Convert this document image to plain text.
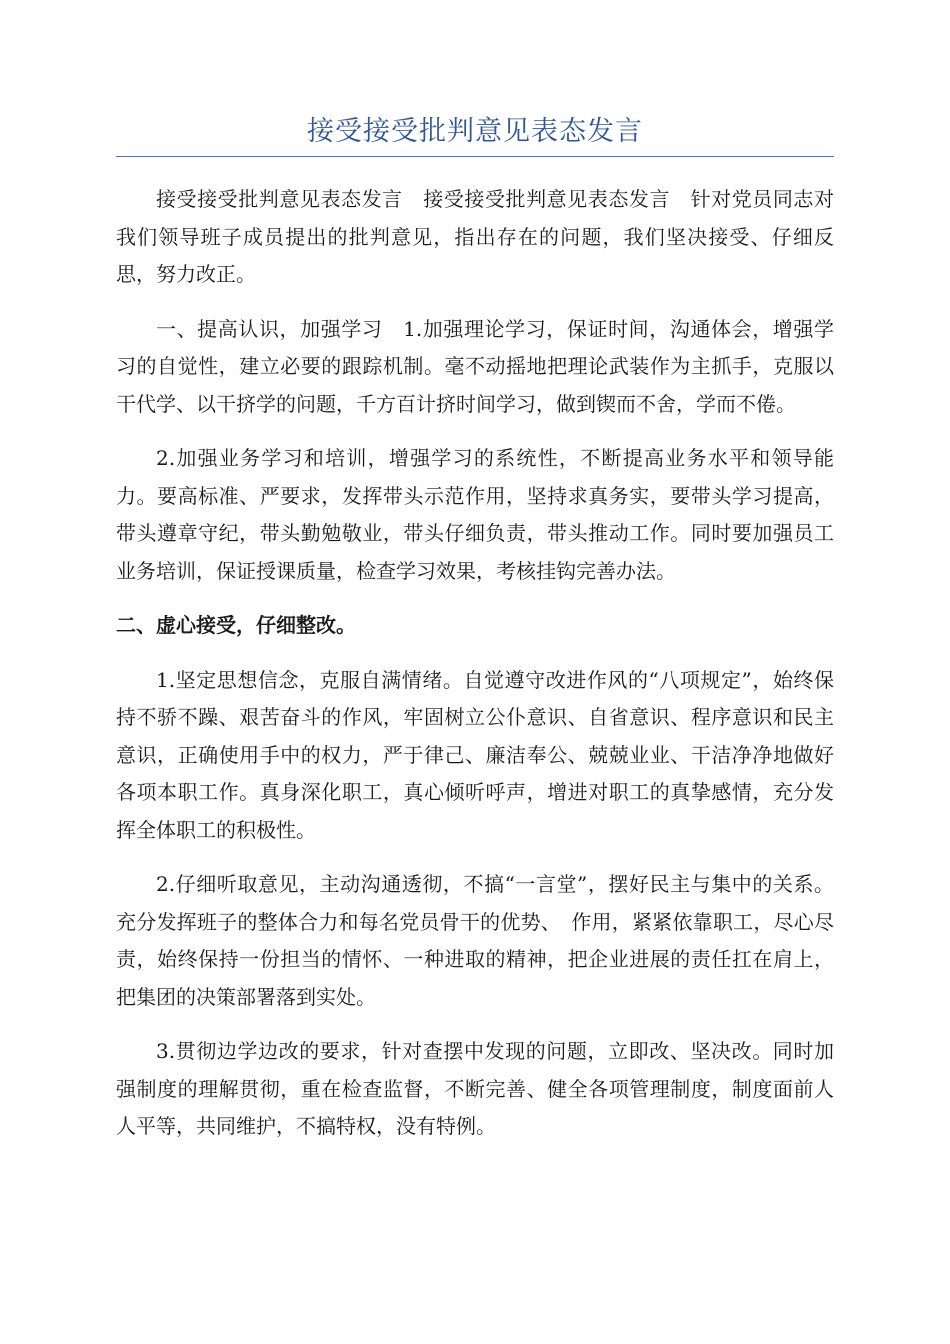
接受接受批判意见表态发言

接受接受批判意见表态发言　接受接受批判意见表态发言　针对党员同志对我们领导班子成员提出的批判意见，指出存在的问题，我们坚决接受、仔细反思，努力改正。

一、提高认识，加强学习　1.加强理论学习，保证时间，沟通体会，增强学习的自觉性，建立必要的跟踪机制。毫不动摇地把理论武装作为主抓手，克服以干代学、以干挤学的问题，千方百计挤时间学习，做到锲而不舍，学而不倦。

2.加强业务学习和培训，增强学习的系统性，不断提高业务水平和领导能力。要高标准、严要求，发挥带头示范作用，坚持求真务实，要带头学习提高，带头遵章守纪，带头勤勉敬业，带头仔细负责，带头推动工作。同时要加强员工业务培训，保证授课质量，检查学习效果，考核挂钩完善办法。

二、虚心接受，仔细整改。

1.坚定思想信念，克服自满情绪。自觉遵守改进作风的“八项规定”，始终保持不骄不躁、艰苦奋斗的作风，牢固树立公仆意识、自省意识、程序意识和民主意识，正确使用手中的权力，严于律己、廉洁奉公、兢兢业业、干洁净净地做好各项本职工作。真身深化职工，真心倾听呼声，增进对职工的真挚感情，充分发挥全体职工的积极性。

2.仔细听取意见，主动沟通透彻，不搞“一言堂”，摆好民主与集中的关系。充分发挥班子的整体合力和每名党员骨干的优势、　作用，紧紧依靠职工，尽心尽责，始终保持一份担当的情怀、一种进取的精神，把企业进展的责任扛在肩上，把集团的决策部署落到实处。

3.贯彻边学边改的要求，针对查摆中发现的问题，立即改、坚决改。同时加强制度的理解贯彻，重在检查监督，不断完善、健全各项管理制度，制度面前人人平等，共同维护，不搞特权，没有特例。
